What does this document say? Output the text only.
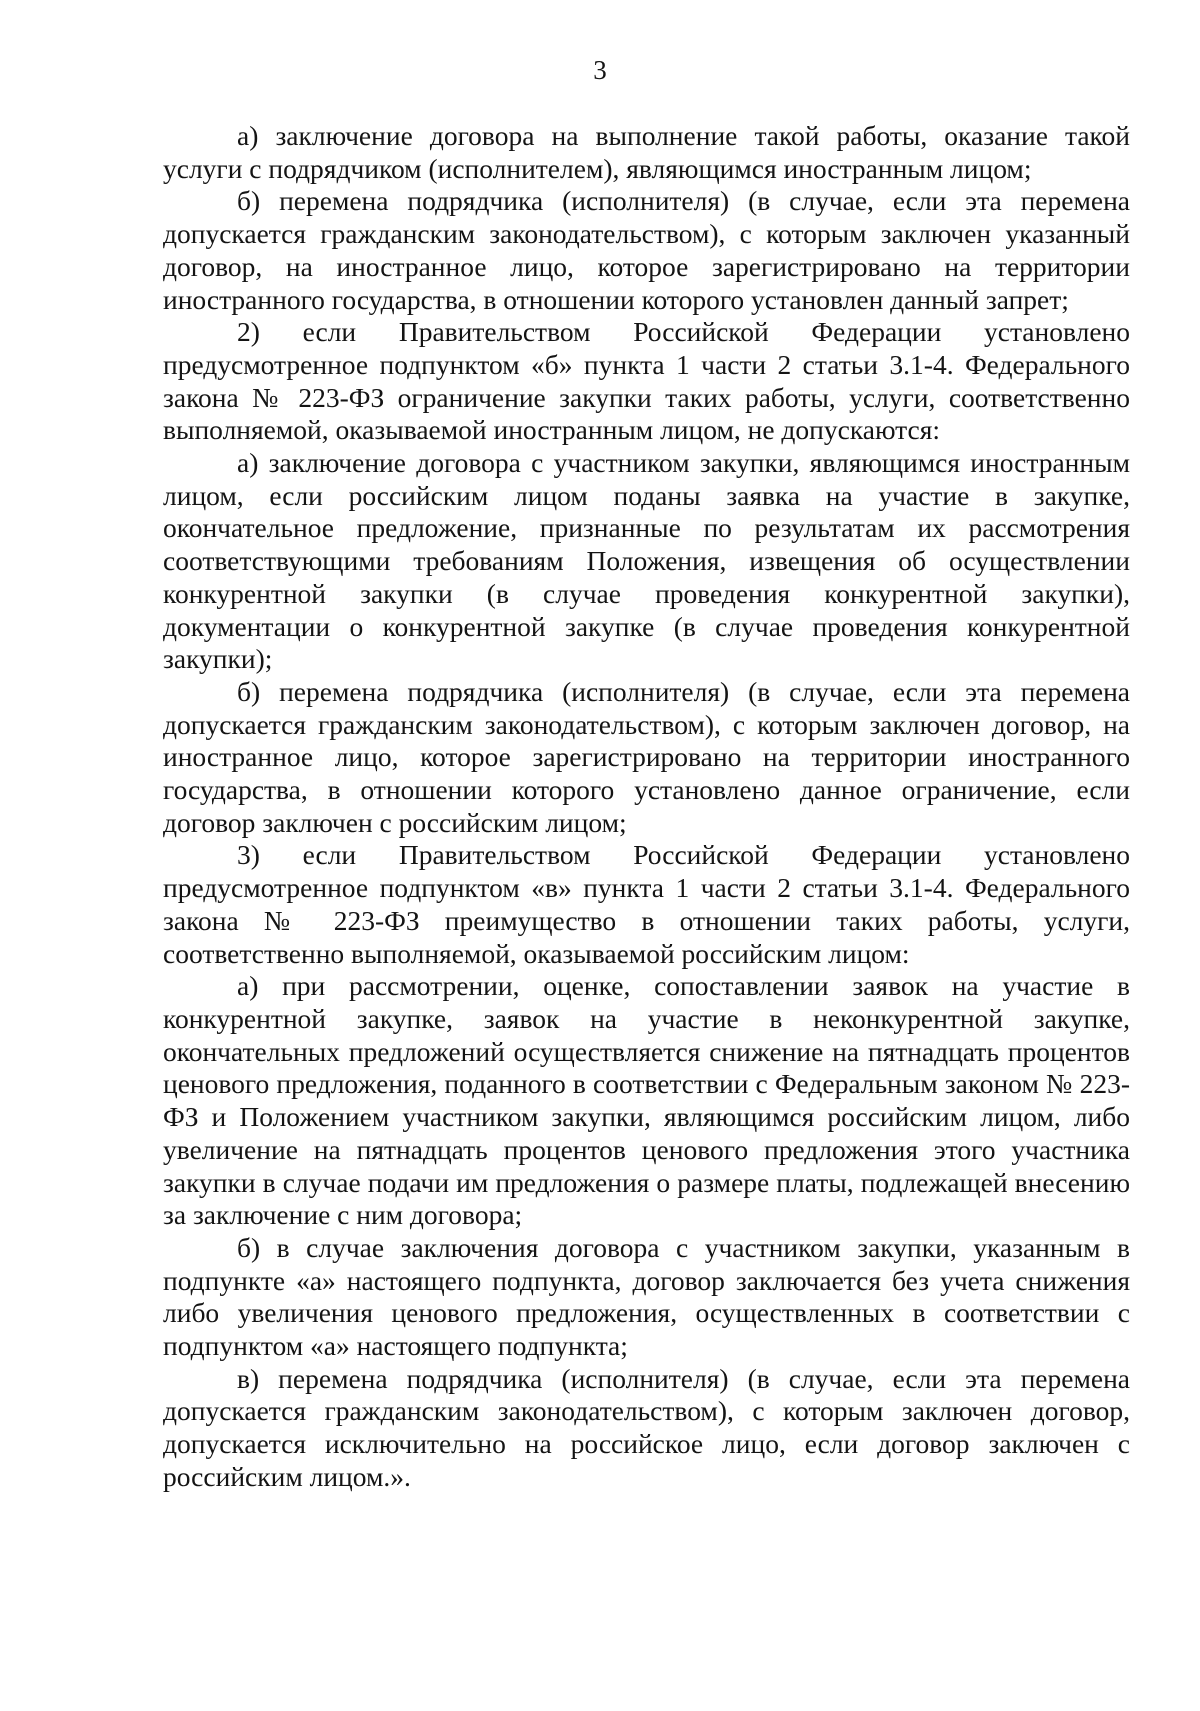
3

а) заключение договора на выполнение такой работы, оказание такой услуги с подрядчиком (исполнителем), являющимся иностранным лицом;

б) перемена подрядчика (исполнителя) (в случае, если эта перемена допускается гражданским законодательством), с которым заключен указанный договор, на иностранное лицо, которое зарегистрировано на территории иностранного государства, в отношении которого установлен данный запрет;

2) если Правительством Российской Федерации установлено предусмотренное подпунктом «б» пункта 1 части 2 статьи 3.1-4. Федерального закона № 223-ФЗ ограничение закупки таких работы, услуги, соответственно выполняемой, оказываемой иностранным лицом, не допускаются:

а) заключение договора с участником закупки, являющимся иностранным лицом, если российским лицом поданы заявка на участие в закупке, окончательное предложение, признанные по результатам их рассмотрения соответствующими требованиям Положения, извещения об осуществлении конкурентной закупки (в случае проведения конкурентной закупки), документации о конкурентной закупке (в случае проведения конкурентной закупки);

б) перемена подрядчика (исполнителя) (в случае, если эта перемена допускается гражданским законодательством), с которым заключен договор, на иностранное лицо, которое зарегистрировано на территории иностранного государства, в отношении которого установлено данное ограничение, если договор заключен с российским лицом;

3) если Правительством Российской Федерации установлено предусмотренное подпунктом «в» пункта 1 части 2 статьи 3.1-4. Федерального закона № 223-ФЗ преимущество в отношении таких работы, услуги, соответственно выполняемой, оказываемой российским лицом:

а) при рассмотрении, оценке, сопоставлении заявок на участие в конкурентной закупке, заявок на участие в неконкурентной закупке, окончательных предложений осуществляется снижение на пятнадцать процентов ценового предложения, поданного в соответствии с Федеральным законом № 223-ФЗ и Положением участником закупки, являющимся российским лицом, либо увеличение на пятнадцать процентов ценового предложения этого участника закупки в случае подачи им предложения о размере платы, подлежащей внесению за заключение с ним договора;

б) в случае заключения договора с участником закупки, указанным в подпункте «а» настоящего подпункта, договор заключается без учета снижения либо увеличения ценового предложения, осуществленных в соответствии с подпунктом «а» настоящего подпункта;

в) перемена подрядчика (исполнителя) (в случае, если эта перемена допускается гражданским законодательством), с которым заключен договор, допускается исключительно на российское лицо, если договор заключен с российским лицом.».
